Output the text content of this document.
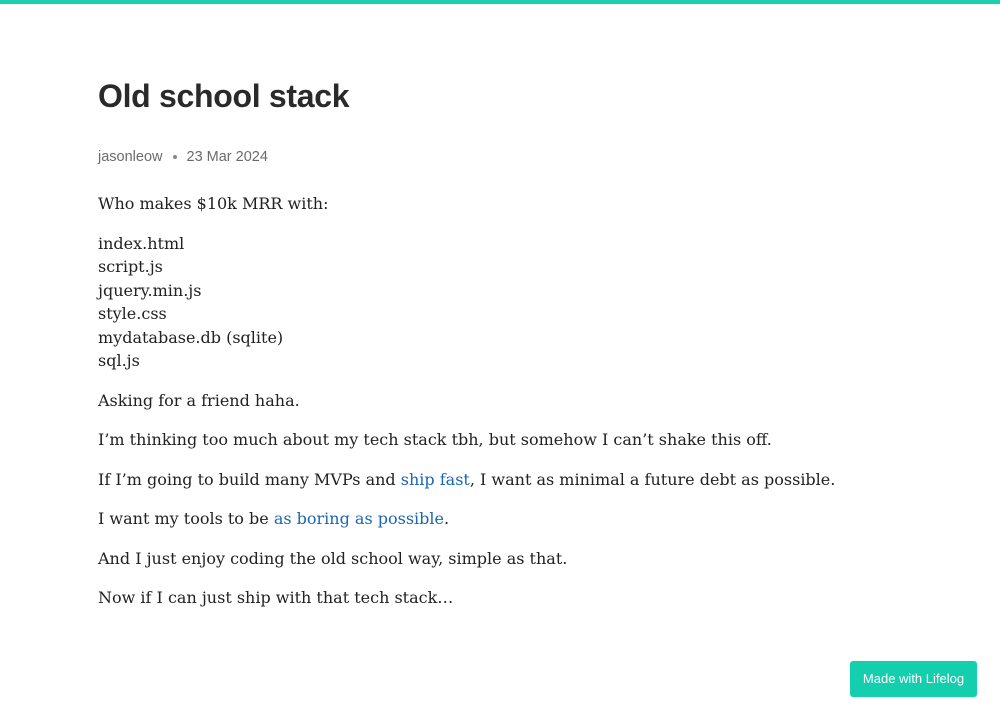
Old school stack
jasonleow 23 Mar 2024

Who makes $10k MRR with:

index.html
script.js
jquery.min.js
style.css
mydatabase.db (sqlite)
sql.js

Asking for a friend haha.

I’m thinking too much about my tech stack tbh, but somehow I can’t shake this off.

If I’m going to build many MVPs and ship fast, I want as minimal a future debt as possible.

I want my tools to be as boring as possible.

And I just enjoy coding the old school way, simple as that.

Now if I can just ship with that tech stack…

Made with Lifelog
